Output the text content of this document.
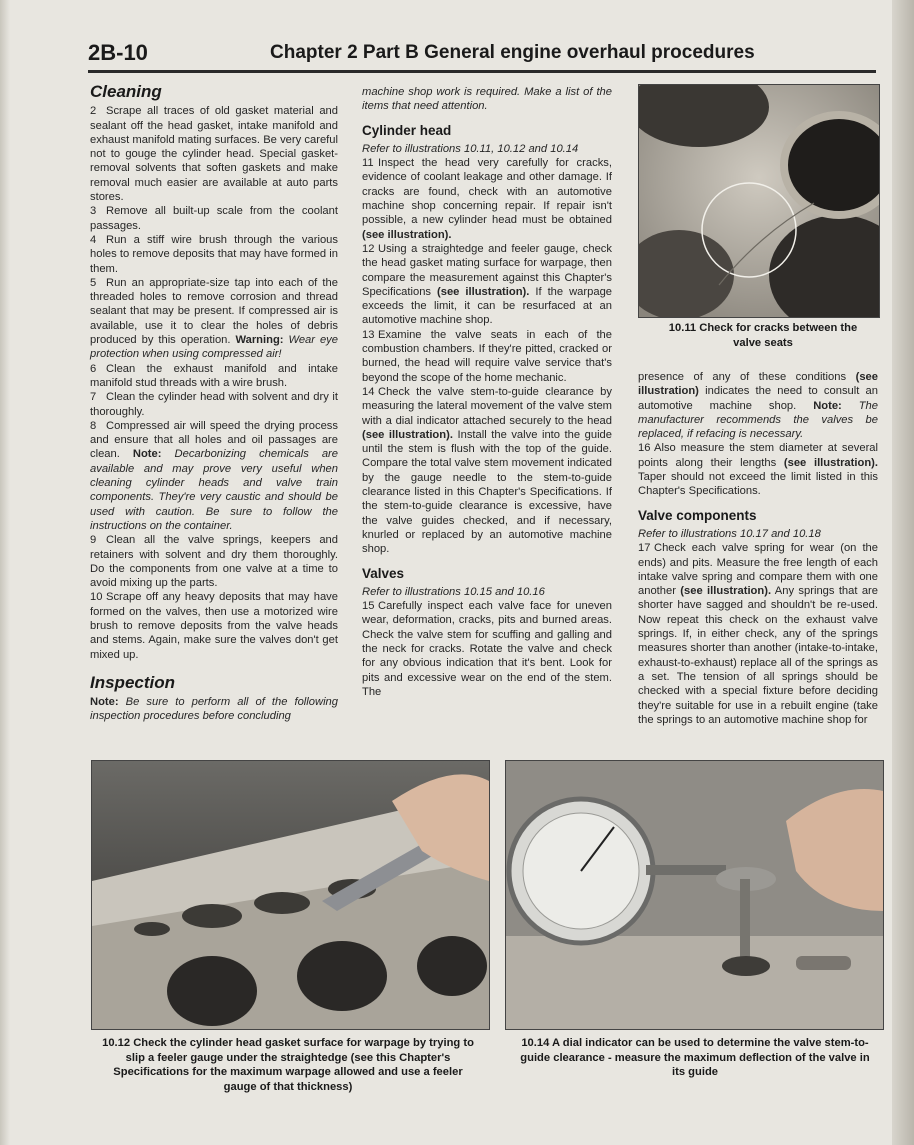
2B-10	Chapter 2 Part B General engine overhaul procedures
Cleaning

2 Scrape all traces of old gasket material and sealant off the head gasket, intake manifold and exhaust manifold mating surfaces. Be very careful not to gouge the cylinder head. Special gasket-removal solvents that soften gaskets and make removal much easier are available at auto parts stores.

3 Remove all built-up scale from the coolant passages.

4 Run a stiff wire brush through the various holes to remove deposits that may have formed in them.

5 Run an appropriate-size tap into each of the threaded holes to remove corrosion and thread sealant that may be present. If compressed air is available, use it to clear the holes of debris produced by this operation. Warning: Wear eye protection when using compressed air!

6 Clean the exhaust manifold and intake manifold stud threads with a wire brush.

7 Clean the cylinder head with solvent and dry it thoroughly.

8 Compressed air will speed the drying process and ensure that all holes and oil passages are clean. Note: Decarbonizing chemicals are available and may prove very useful when cleaning cylinder heads and valve train components. They're very caustic and should be used with caution. Be sure to follow the instructions on the container.

9 Clean all the valve springs, keepers and retainers with solvent and dry them thoroughly. Do the components from one valve at a time to avoid mixing up the parts.

10 Scrape off any heavy deposits that may have formed on the valves, then use a motorized wire brush to remove deposits from the valve heads and stems. Again, make sure the valves don't get mixed up.

Inspection

Note: Be sure to perform all of the following inspection procedures before concluding

machine shop work is required. Make a list of the items that need attention.

Cylinder head

Refer to illustrations 10.11, 10.12 and 10.14

11 Inspect the head very carefully for cracks, evidence of coolant leakage and other damage. If cracks are found, check with an automotive machine shop concerning repair. If repair isn't possible, a new cylinder head must be obtained (see illustration).

12 Using a straightedge and feeler gauge, check the head gasket mating surface for warpage, then compare the measurement against this Chapter's Specifications (see illustration). If the warpage exceeds the limit, it can be resurfaced at an automotive machine shop.

13 Examine the valve seats in each of the combustion chambers. If they're pitted, cracked or burned, the head will require valve service that's beyond the scope of the home mechanic.

14 Check the valve stem-to-guide clearance by measuring the lateral movement of the valve stem with a dial indicator attached securely to the head (see illustration). Install the valve into the guide until the stem is flush with the top of the guide. Compare the total valve stem movement indicated by the gauge needle to the stem-to-guide clearance listed in this Chapter's Specifications. If the stem-to-guide clearance is excessive, have the valve guides checked, and if necessary, knurled or replaced by an automotive machine shop.

Valves

Refer to illustrations 10.15 and 10.16

15 Carefully inspect each valve face for uneven wear, deformation, cracks, pits and burned areas. Check the valve stem for scuffing and galling and the neck for cracks. Rotate the valve and check for any obvious indication that it's bent. Look for pits and excessive wear on the end of the stem. The

10.11 Check for cracks between the valve seats

presence of any of these conditions (see illustration) indicates the need to consult an automotive machine shop. Note: The manufacturer recommends the valves be replaced, if refacing is necessary.

16 Also measure the stem diameter at several points along their lengths (see illustration). Taper should not exceed the limit listed in this Chapter's Specifications.

Valve components

Refer to illustrations 10.17 and 10.18

17 Check each valve spring for wear (on the ends) and pits. Measure the free length of each intake valve spring and compare them with one another (see illustration). Any springs that are shorter have sagged and shouldn't be re-used. Now repeat this check on the exhaust valve springs. If, in either check, any of the springs measures shorter than another (intake-to-intake, exhaust-to-exhaust) replace all of the springs as a set. The tension of all springs should be checked with a special fixture before deciding they're suitable for use in a rebuilt engine (take the springs to an automotive machine shop for

10.12 Check the cylinder head gasket surface for warpage by trying to slip a feeler gauge under the straightedge (see this Chapter's Specifications for the maximum warpage allowed and use a feeler gauge of that thickness)
10.14 A dial indicator can be used to determine the valve stem-to-guide clearance - measure the maximum deflection of the valve in its guide
